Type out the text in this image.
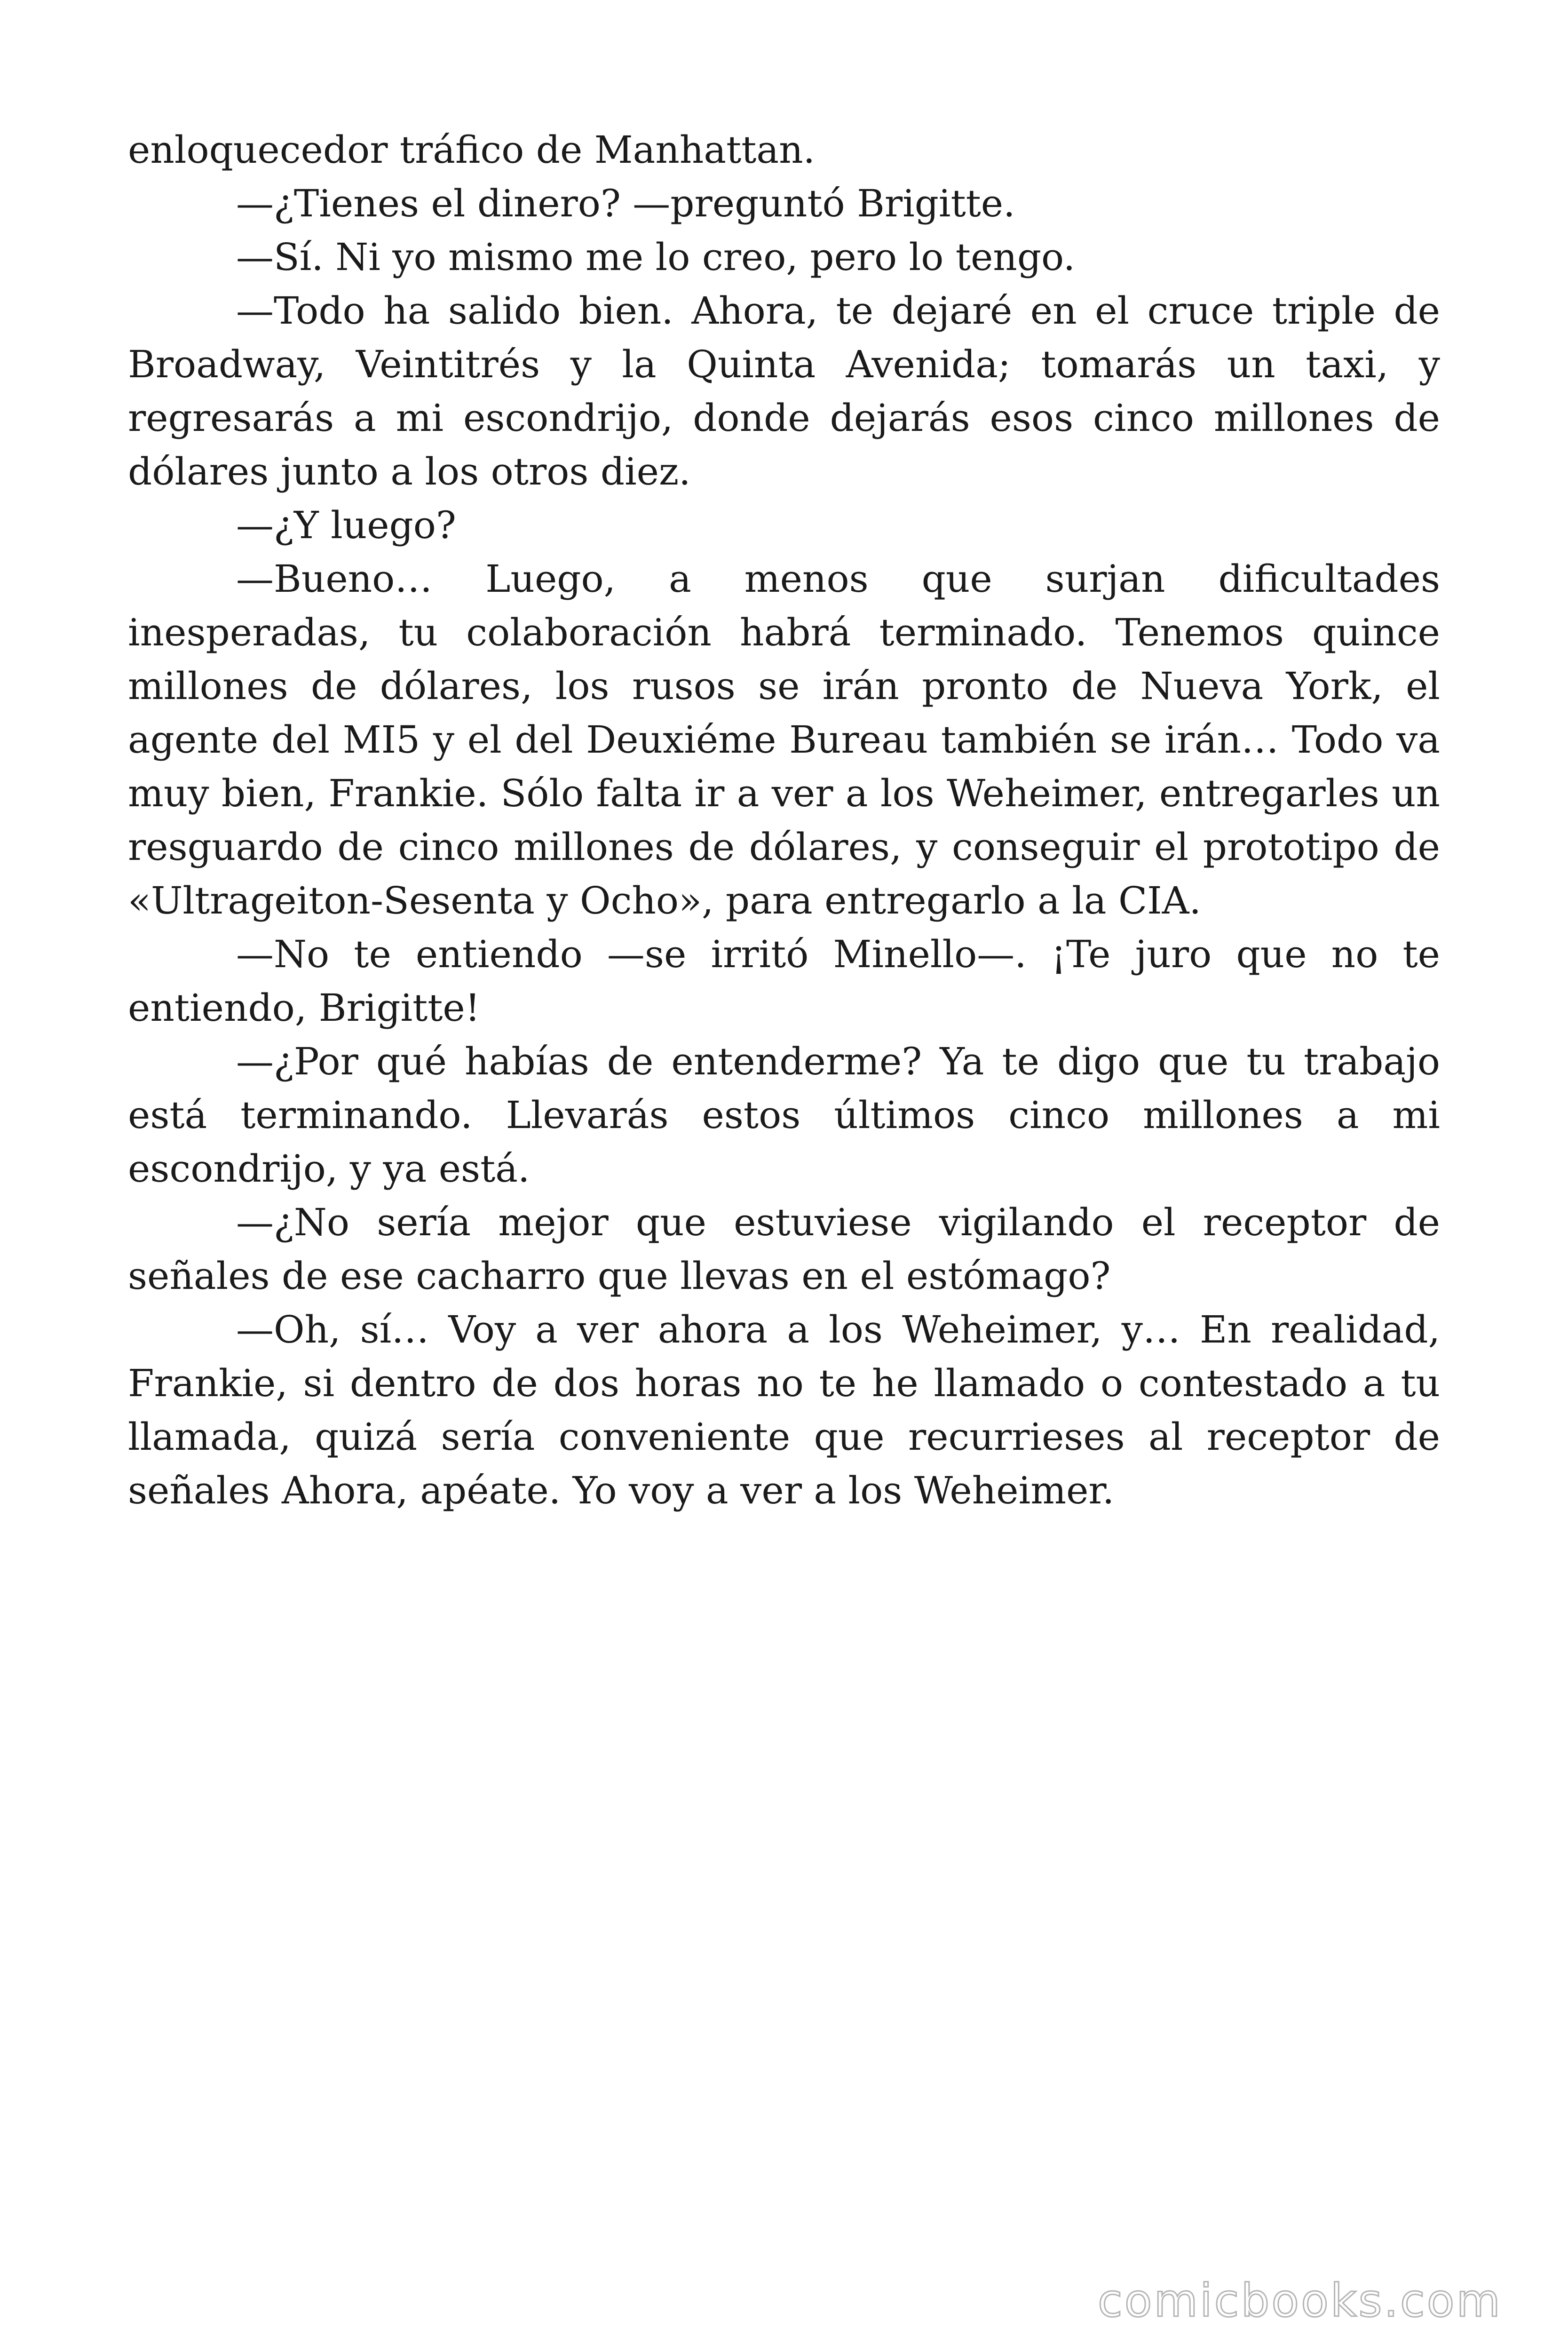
enloquecedor tráfico de Manhattan.

—¿Tienes el dinero? —preguntó Brigitte.

—Sí. Ni yo mismo me lo creo, pero lo tengo.

—Todo ha salido bien. Ahora, te dejaré en el cruce triple de Broadway, Veintitrés y la Quinta Avenida; tomarás un taxi, y regresarás a mi escondrijo, donde dejarás esos cinco millones de dólares junto a los otros diez.

—¿Y luego?

—Bueno… Luego, a menos que surjan dificultades inesperadas, tu colaboración habrá terminado. Tenemos quince millones de dólares, los rusos se irán pronto de Nueva York, el agente del MI5 y el del Deuxiéme Bureau también se irán… Todo va muy bien, Frankie. Sólo falta ir a ver a los Weheimer, entregarles un resguardo de cinco millones de dólares, y conseguir el prototipo de «Ultrageiton-Sesenta y Ocho», para entregarlo a la CIA.

—No te entiendo —se irritó Minello—. ¡Te juro que no te entiendo, Brigitte!

—¿Por qué habías de entenderme? Ya te digo que tu trabajo está terminando. Llevarás estos últimos cinco millones a mi escondrijo, y ya está.

—¿No sería mejor que estuviese vigilando el receptor de señales de ese cacharro que llevas en el estómago?

—Oh, sí… Voy a ver ahora a los Weheimer, y… En realidad, Frankie, si dentro de dos horas no te he llamado o contestado a tu llamada, quizá sería conveniente que recurrieses al receptor de señales Ahora, apéate. Yo voy a ver a los Weheimer.

comicbooks.com
